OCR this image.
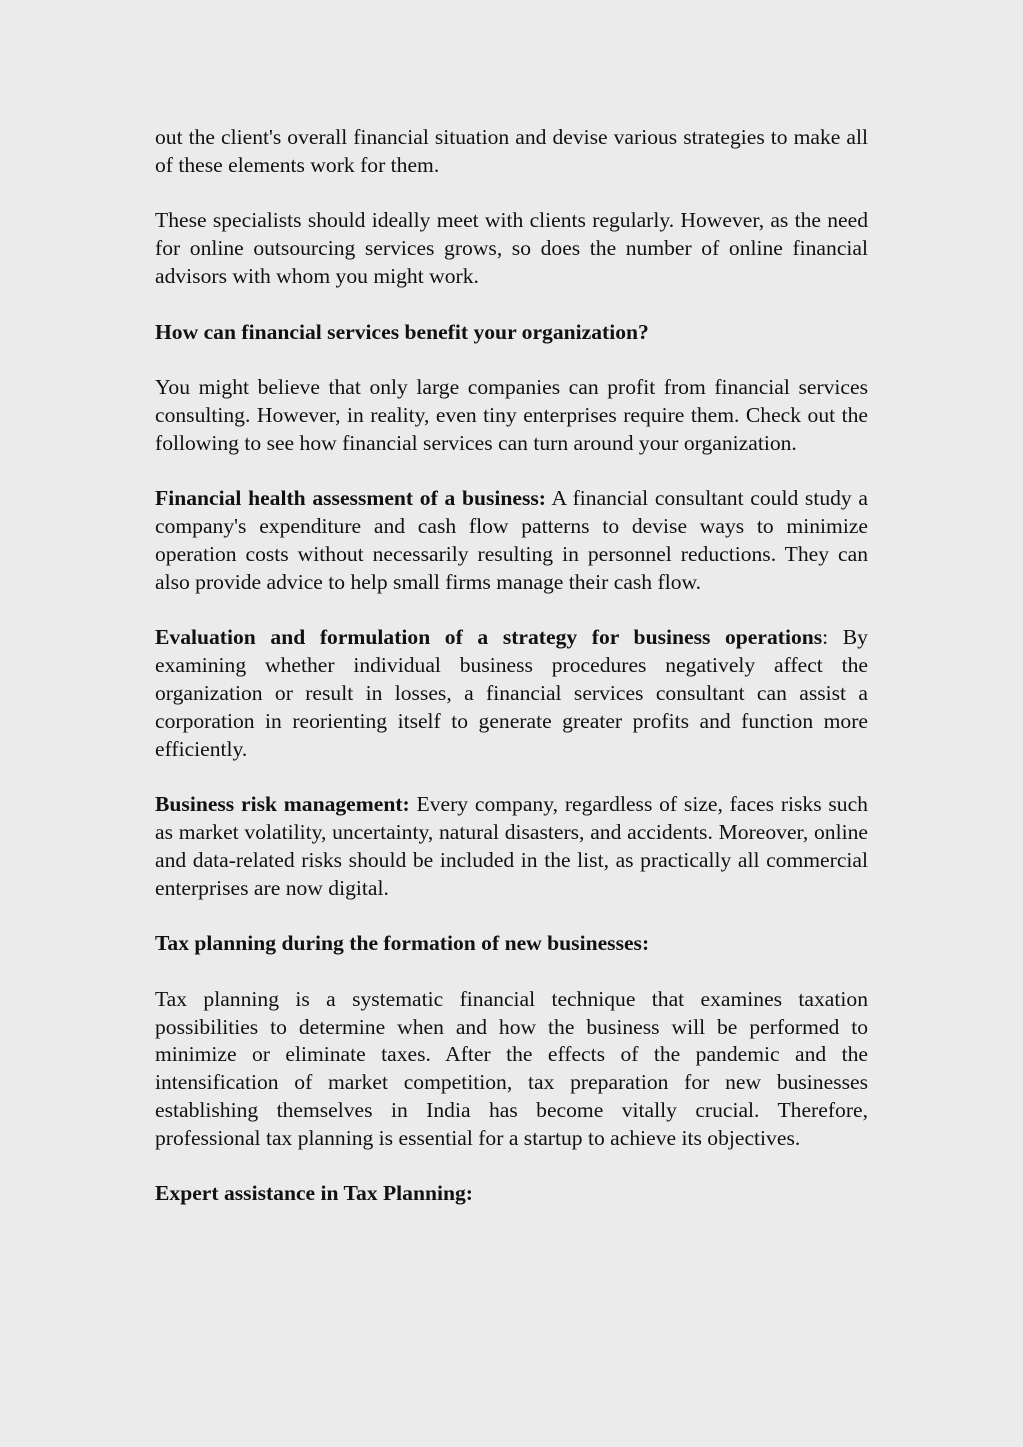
out the client's overall financial situation and devise various strategies to make all of these elements work for them.

These specialists should ideally meet with clients regularly. However, as the need for online outsourcing services grows, so does the number of online financial advisors with whom you might work.

How can financial services benefit your organization?

You might believe that only large companies can profit from financial services consulting. However, in reality, even tiny enterprises require them. Check out the following to see how financial services can turn around your organization.

Financial health assessment of a business: A financial consultant could study a company's expenditure and cash flow patterns to devise ways to minimize operation costs without necessarily resulting in personnel reductions. They can also provide advice to help small firms manage their cash flow.

Evaluation and formulation of a strategy for business operations: By examining whether individual business procedures negatively affect the organization or result in losses, a financial services consultant can assist a corporation in reorienting itself to generate greater profits and function more efficiently.

Business risk management: Every company, regardless of size, faces risks such as market volatility, uncertainty, natural disasters, and accidents. Moreover, online and data-related risks should be included in the list, as practically all commercial enterprises are now digital.

Tax planning during the formation of new businesses:

Tax planning is a systematic financial technique that examines taxation possibilities to determine when and how the business will be performed to minimize or eliminate taxes. After the effects of the pandemic and the intensification of market competition, tax preparation for new businesses establishing themselves in India has become vitally crucial. Therefore, professional tax planning is essential for a startup to achieve its objectives.

Expert assistance in Tax Planning:
